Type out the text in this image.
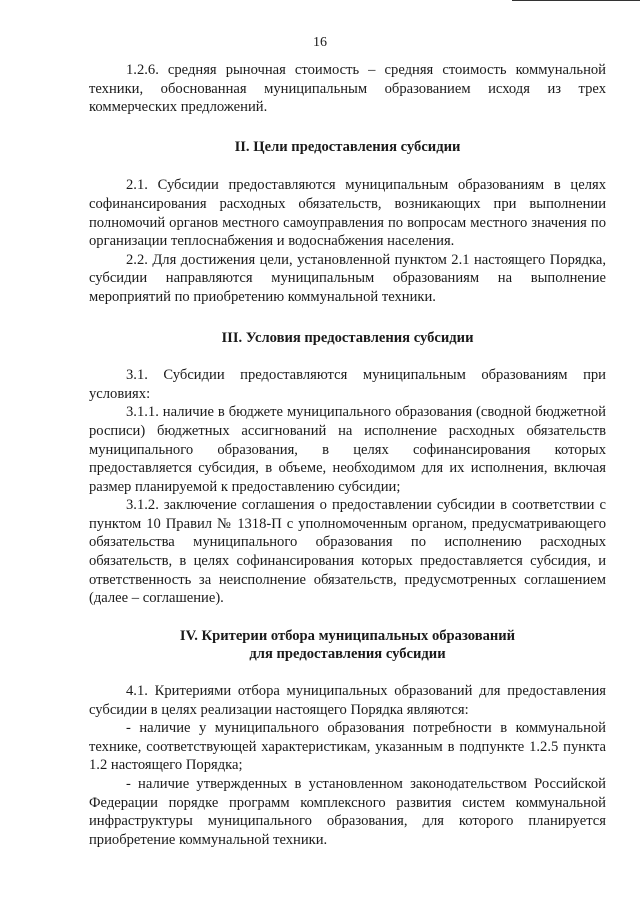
16

1.2.6. средняя рыночная стоимость – средняя стоимость коммунальной техники, обоснованная муниципальным образованием исходя из трех коммерческих предложений.

II. Цели предоставления субсидии

2.1. Субсидии предоставляются муниципальным образованиям в целях софинансирования расходных обязательств, возникающих при выполнении полномочий органов местного самоуправления по вопросам местного значения по организации теплоснабжения и водоснабжения населения.

2.2. Для достижения цели, установленной пунктом 2.1 настоящего Порядка, субсидии направляются муниципальным образованиям на выполнение мероприятий по приобретению коммунальной техники.

III. Условия предоставления субсидии

3.1. Субсидии предоставляются муниципальным образованиям при условиях:

3.1.1. наличие в бюджете муниципального образования (сводной бюджетной росписи) бюджетных ассигнований на исполнение расходных обязательств муниципального образования, в целях софинансирования которых предоставляется субсидия, в объеме, необходимом для их исполнения, включая размер планируемой к предоставлению субсидии;

3.1.2. заключение соглашения о предоставлении субсидии в соответствии с пунктом 10 Правил № 1318-П с уполномоченным органом, предусматривающего обязательства муниципального образования по исполнению расходных обязательств, в целях софинансирования которых предоставляется субсидия, и ответственность за неисполнение обязательств, предусмотренных соглашением (далее – соглашение).

IV. Критерии отбора муниципальных образований
для предоставления субсидии

4.1. Критериями отбора муниципальных образований для предоставления субсидии в целях реализации настоящего Порядка являются:

- наличие у муниципального образования потребности в коммунальной технике, соответствующей характеристикам, указанным в подпункте 1.2.5 пункта 1.2 настоящего Порядка;

- наличие утвержденных в установленном законодательством Российской Федерации порядке программ комплексного развития систем коммунальной инфраструктуры муниципального образования, для которого планируется приобретение коммунальной техники.
